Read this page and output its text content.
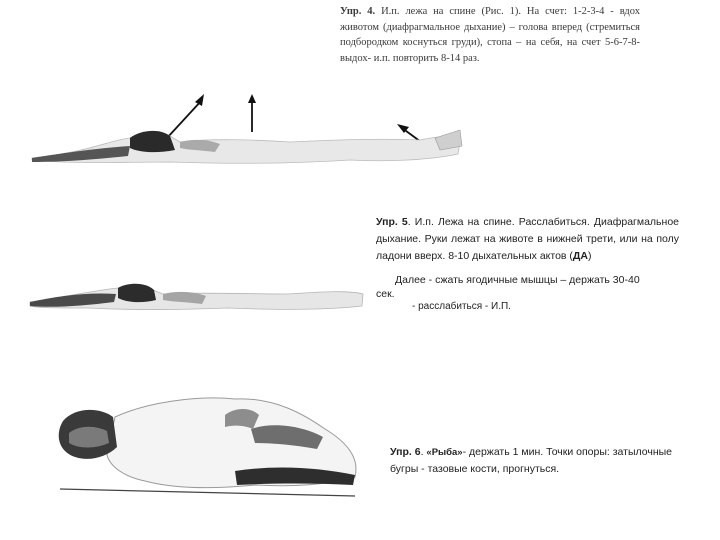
Упр. 4. И.п. лежа на спине (Рис. 1). На счет: 1-2-3-4 - вдох животом (диафрагмальное дыхание) – голова вперед (стремиться подбородком коснуться груди), стопа – на себя, на счет 5-6-7-8- выдох- и.п. повторить 8-14 раз.

Упр. 5. И.п. Лежа на спине. Расслабиться. Диафрагмальное дыхание. Руки лежат на животе в нижней трети, или на полу ладони вверх. 8-10 дыхательных актов (ДА)

Далее - сжать ягодичные мышцы – держать 30-40

сек.

- расслабиться - И.П.

Упр. 6. «Рыба»- держать 1 мин. Точки опоры: затылочные бугры - тазовые кости, прогнуться.
